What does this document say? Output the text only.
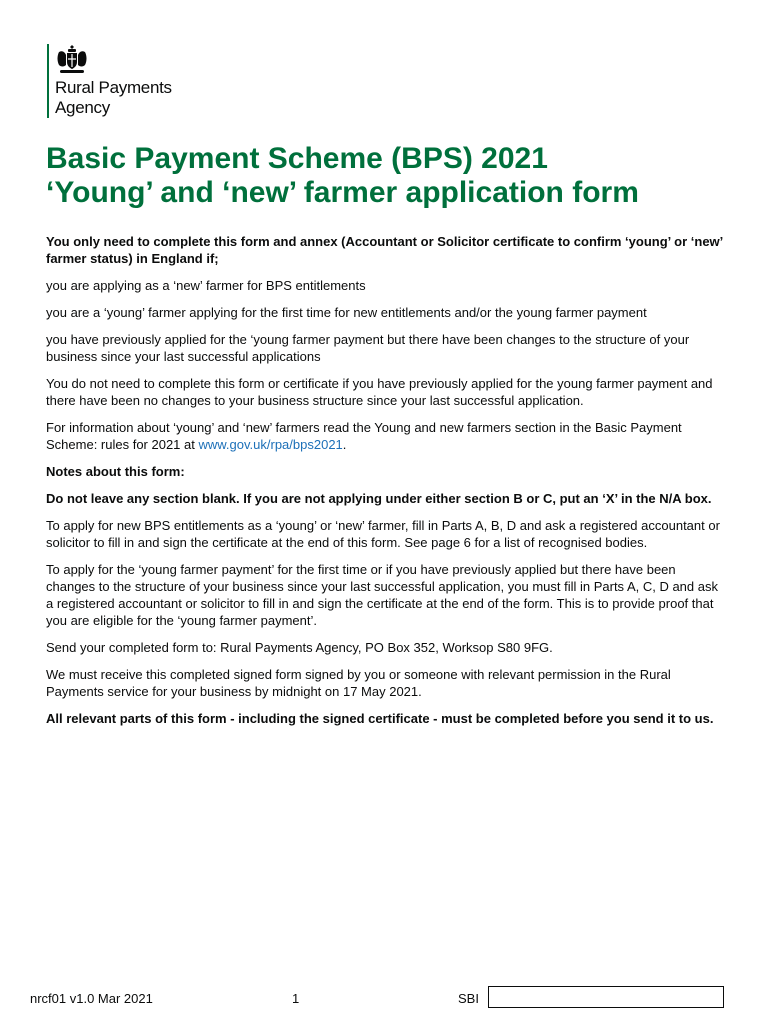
Rural Payments
Agency
Basic Payment Scheme (BPS) 2021
‘Young’ and ‘new’ farmer application form

You only need to complete this form and annex (Accountant or Solicitor certificate to confirm ‘young’ or ‘new’ farmer status) in England if;

you are applying as a ‘new’ farmer for BPS entitlements

you are a ‘young’ farmer applying for the first time for new entitlements and/or the young farmer payment

you have previously applied for the ‘young farmer payment but there have been changes to the structure of your business since your last successful applications

You do not need to complete this form or certificate if you have previously applied for the young farmer payment and there have been no changes to your business structure since your last successful application.

For information about ‘young’ and ‘new’ farmers read the Young and new farmers section in the Basic Payment Scheme: rules for 2021 at www.gov.uk/rpa/bps2021.

Notes about this form:

Do not leave any section blank. If you are not applying under either section B or C, put an ‘X’ in the N/A box.

To apply for new BPS entitlements as a ‘young’ or ‘new’ farmer, fill in Parts A, B, D and ask a registered accountant or solicitor to fill in and sign the certificate at the end of this form. See page 6 for a list of recognised bodies.

To apply for the ‘young farmer payment’ for the first time or if you have previously applied but there have been changes to the structure of your business since your last successful application, you must fill in Parts A, C, D and ask a registered accountant or solicitor to fill in and sign the certificate at the end of the form. This is to provide proof that you are eligible for the ‘young farmer payment’.

Send your completed form to: Rural Payments Agency, PO Box 352, Worksop S80 9FG.

We must receive this completed signed form signed by you or someone with relevant permission in the Rural Payments service for your business by midnight on 17 May 2021.

All relevant parts of this form - including the signed certificate - must be completed before you send it to us.

nrcf01 v1.0 Mar 2021	1	SBI
